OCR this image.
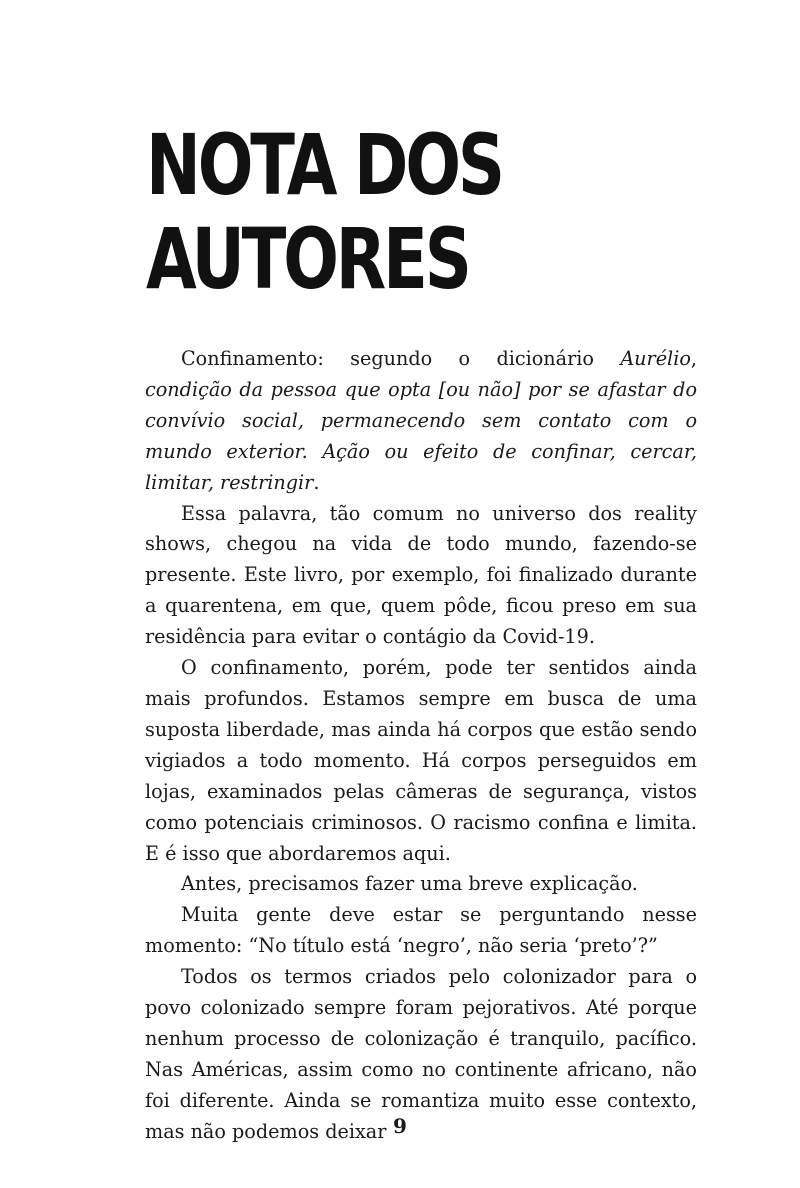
NOTA DOS
AUTORES

Confinamento: segundo o dicionário Aurélio, condição da pessoa que opta [ou não] por se afastar do convívio social, permanecendo sem contato com o mundo exterior. Ação ou efeito de confinar, cercar, limitar, restringir.

Essa palavra, tão comum no universo dos reality shows, chegou na vida de todo mundo, fazendo-se presente. Este livro, por exemplo, foi finalizado durante a quarentena, em que, quem pôde, ficou preso em sua residência para evitar o contágio da Covid-19.

O confinamento, porém, pode ter sentidos ainda mais profundos. Estamos sempre em busca de uma suposta liberdade, mas ainda há corpos que estão sendo vigiados a todo momento. Há corpos perseguidos em lojas, examinados pelas câmeras de segurança, vistos como potenciais criminosos. O racismo confina e limita. E é isso que abordaremos aqui.

Antes, precisamos fazer uma breve explicação.

Muita gente deve estar se perguntando nesse momento: “No título está ‘negro’, não seria ‘preto’?”

Todos os termos criados pelo colonizador para o povo colonizado sempre foram pejorativos. Até porque nenhum processo de colonização é tranquilo, pacífico. Nas Américas, assim como no continente africano, não foi diferente. Ainda se romantiza muito esse contexto, mas não podemos deixar 9
